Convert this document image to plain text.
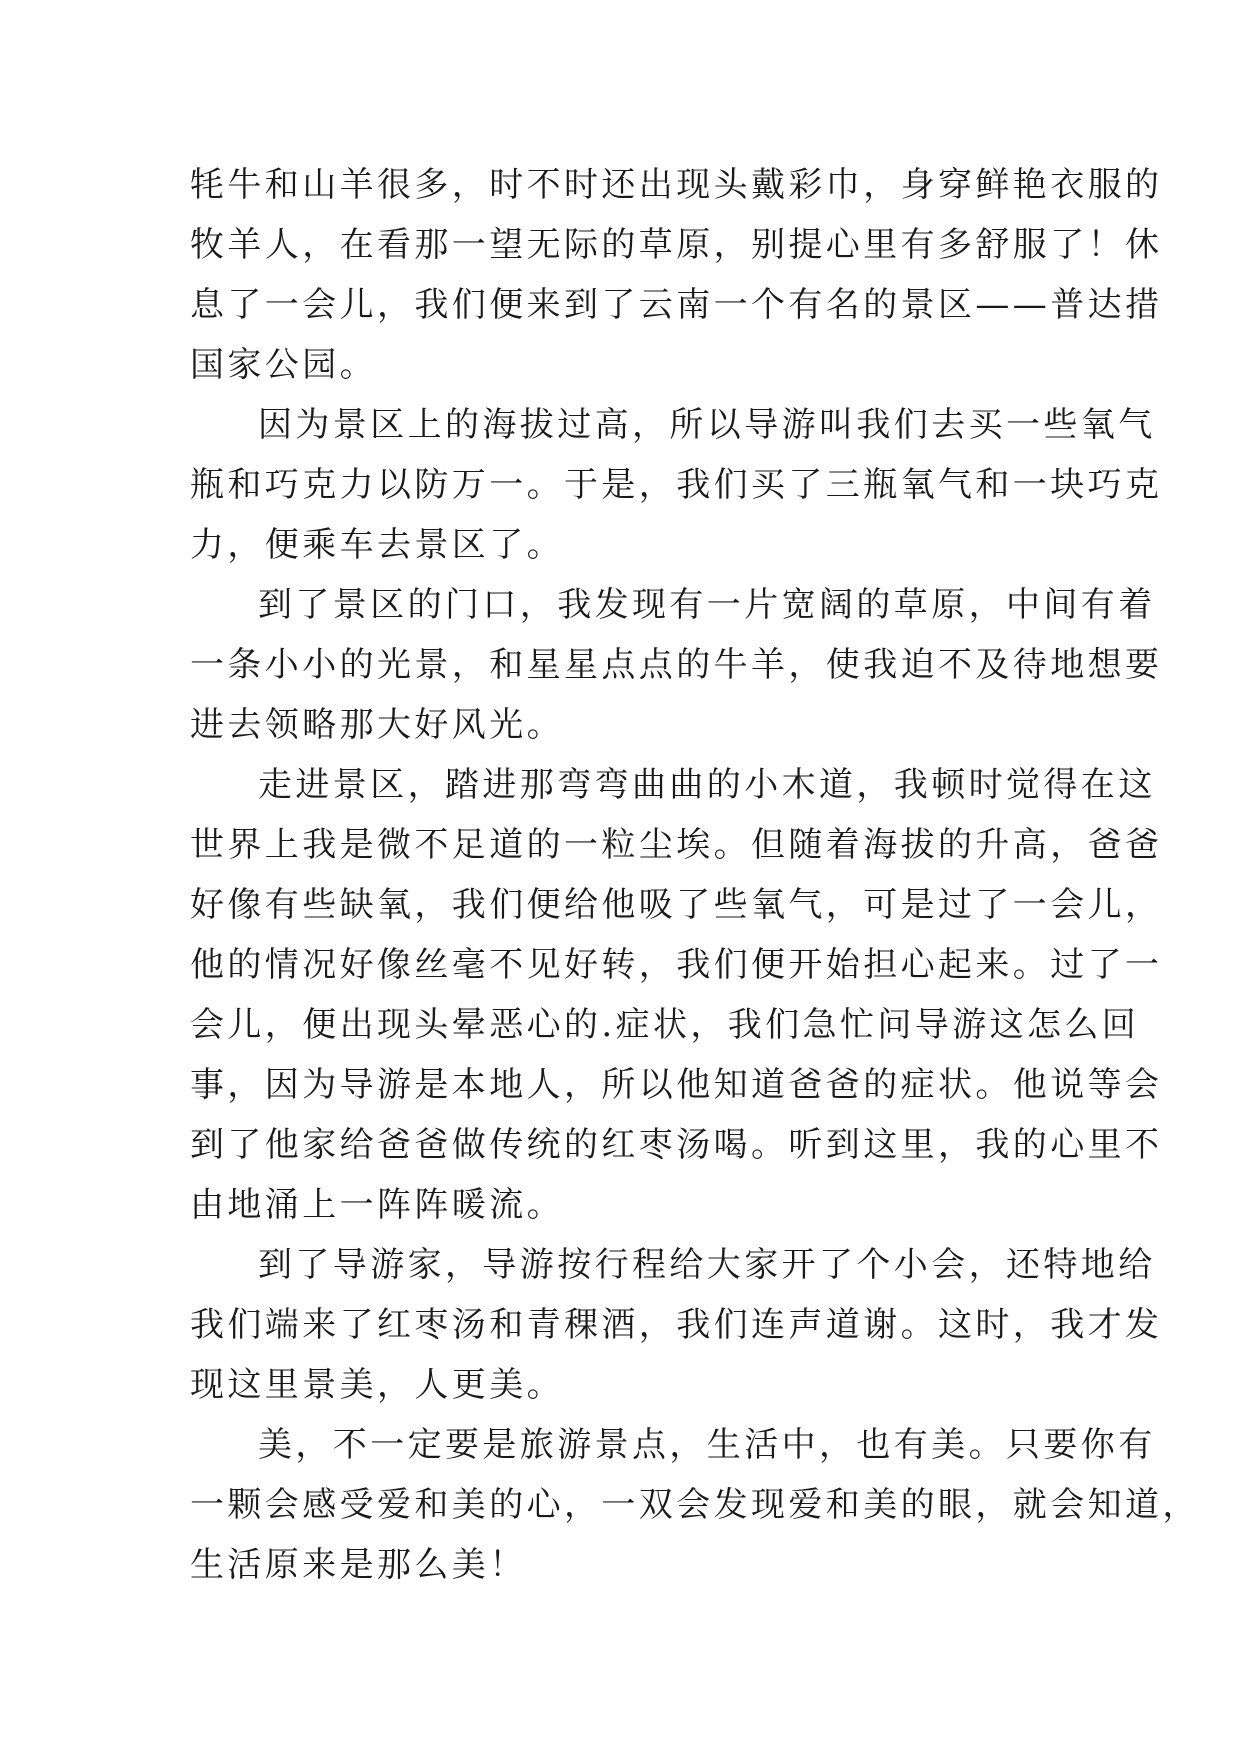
牦牛和山羊很多，时不时还出现头戴彩巾，身穿鲜艳衣服的
牧羊人，在看那一望无际的草原，别提心里有多舒服了！休
息了一会儿，我们便来到了云南一个有名的景区——普达措
国家公园。
因为景区上的海拔过高，所以导游叫我们去买一些氧气
瓶和巧克力以防万一。于是，我们买了三瓶氧气和一块巧克
力，便乘车去景区了。
到了景区的门口，我发现有一片宽阔的草原，中间有着
一条小小的光景，和星星点点的牛羊，使我迫不及待地想要
进去领略那大好风光。
走进景区，踏进那弯弯曲曲的小木道，我顿时觉得在这
世界上我是微不足道的一粒尘埃。但随着海拔的升高，爸爸
好像有些缺氧，我们便给他吸了些氧气，可是过了一会儿，
他的情况好像丝毫不见好转，我们便开始担心起来。过了一
会儿，便出现头晕恶心的.症状，我们急忙问导游这怎么回
事，因为导游是本地人，所以他知道爸爸的症状。他说等会
到了他家给爸爸做传统的红枣汤喝。听到这里，我的心里不
由地涌上一阵阵暖流。
到了导游家，导游按行程给大家开了个小会，还特地给
我们端来了红枣汤和青稞酒，我们连声道谢。这时，我才发
现这里景美，人更美。
美，不一定要是旅游景点，生活中，也有美。只要你有
一颗会感受爱和美的心，一双会发现爱和美的眼，就会知道，
生活原来是那么美！
